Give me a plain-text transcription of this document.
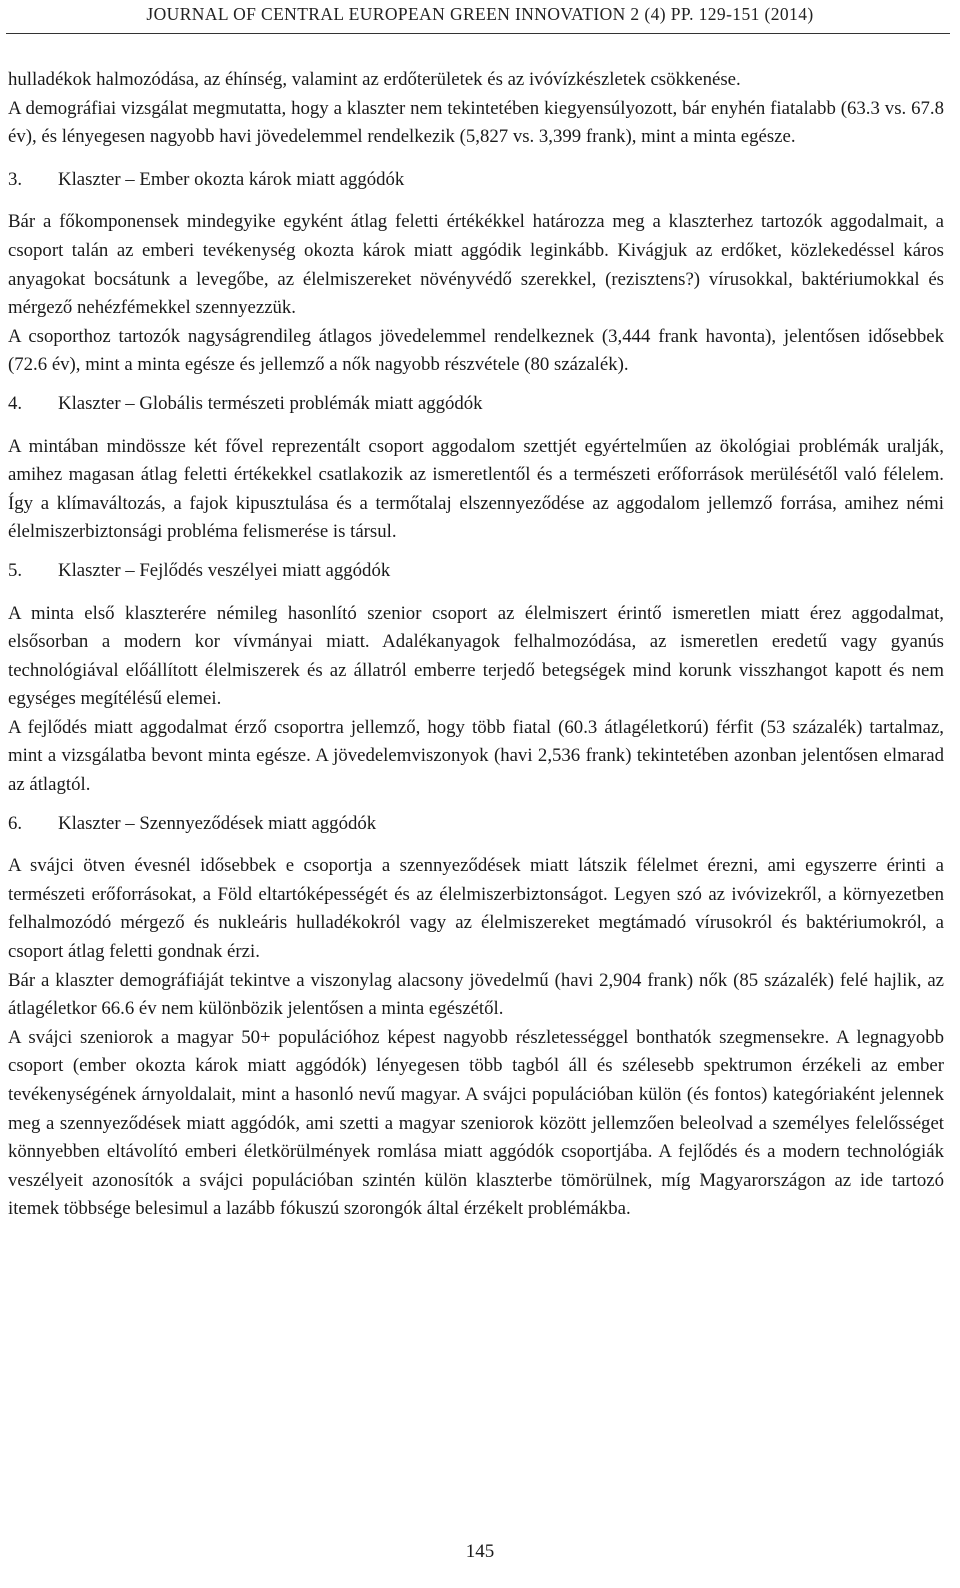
JOURNAL OF CENTRAL EUROPEAN GREEN INNOVATION 2 (4) PP. 129-151 (2014)

hulladékok halmozódása, az éhínség, valamint az erdőterületek és az ivóvízkészletek csökkenése.

A demográfiai vizsgálat megmutatta, hogy a klaszter nem tekintetében kiegyensúlyozott, bár enyhén fiatalabb (63.3 vs. 67.8 év), és lényegesen nagyobb havi jövedelemmel rendelkezik (5,827 vs. 3,399 frank), mint a minta egésze.

3. Klaszter – Ember okozta károk miatt aggódók

Bár a főkomponensek mindegyike egyként átlag feletti értékékkel határozza meg a klaszterhez tartozók aggodalmait, a csoport talán az emberi tevékenység okozta károk miatt aggódik leginkább. Kivágjuk az erdőket, közlekedéssel káros anyagokat bocsátunk a levegőbe, az élelmiszereket növényvédő szerekkel, (rezisztens?) vírusokkal, baktériumokkal és mérgező nehézfémekkel szennyezzük.

A csoporthoz tartozók nagyságrendileg átlagos jövedelemmel rendelkeznek (3,444 frank havonta), jelentősen idősebbek (72.6 év), mint a minta egésze és jellemző a nők nagyobb részvétele (80 százalék).

4. Klaszter – Globális természeti problémák miatt aggódók

A mintában mindössze két fővel reprezentált csoport aggodalom szettjét egyértelműen az ökológiai problémák uralják, amihez magasan átlag feletti értékekkel csatlakozik az ismeretlentől és a természeti erőforrások merülésétől való félelem. Így a klímaváltozás, a fajok kipusztulása és a termőtalaj elszennyeződése az aggodalom jellemző forrása, amihez némi élelmiszerbiztonsági probléma felismerése is társul.

5. Klaszter – Fejlődés veszélyei miatt aggódók

A minta első klaszterére némileg hasonlító szenior csoport az élelmiszert érintő ismeretlen miatt érez aggodalmat, elsősorban a modern kor vívmányai miatt. Adalékanyagok felhalmozódása, az ismeretlen eredetű vagy gyanús technológiával előállított élelmiszerek és az állatról emberre terjedő betegségek mind korunk visszhangot kapott és nem egységes megítélésű elemei.

A fejlődés miatt aggodalmat érző csoportra jellemző, hogy több fiatal (60.3 átlagéletkorú) férfit (53 százalék) tartalmaz, mint a vizsgálatba bevont minta egésze. A jövedelemviszonyok (havi 2,536 frank) tekintetében azonban jelentősen elmarad az átlagtól.

6. Klaszter – Szennyeződések miatt aggódók

A svájci ötven évesnél idősebbek e csoportja a szennyeződések miatt látszik félelmet érezni, ami egyszerre érinti a természeti erőforrásokat, a Föld eltartóképességét és az élelmiszerbiztonságot. Legyen szó az ivóvizekről, a környezetben felhalmozódó mérgező és nukleáris hulladékokról vagy az élelmiszereket megtámadó vírusokról és baktériumokról, a csoport átlag feletti gondnak érzi.

Bár a klaszter demográfiáját tekintve a viszonylag alacsony jövedelmű (havi 2,904 frank) nők (85 százalék) felé hajlik, az átlagéletkor 66.6 év nem különbözik jelentősen a minta egészétől.

A svájci szeniorok a magyar 50+ populációhoz képest nagyobb részletességgel bonthatók szegmensekre. A legnagyobb csoport (ember okozta károk miatt aggódók) lényegesen több tagból áll és szélesebb spektrumon érzékeli az ember tevékenységének árnyoldalait, mint a hasonló nevű magyar. A svájci populációban külön (és fontos) kategóriaként jelennek meg a szennyeződések miatt aggódók, ami szetti a magyar szeniorok között jellemzően beleolvad a személyes felelősséget könnyebben eltávolító emberi életkörülmények romlása miatt aggódók csoportjába. A fejlődés és a modern technológiák veszélyeit azonosítók a svájci populációban szintén külön klaszterbe tömörülnek, míg Magyarországon az ide tartozó itemek többsége belesimul a lazább fókuszú szorongók által érzékelt problémákba.

145
